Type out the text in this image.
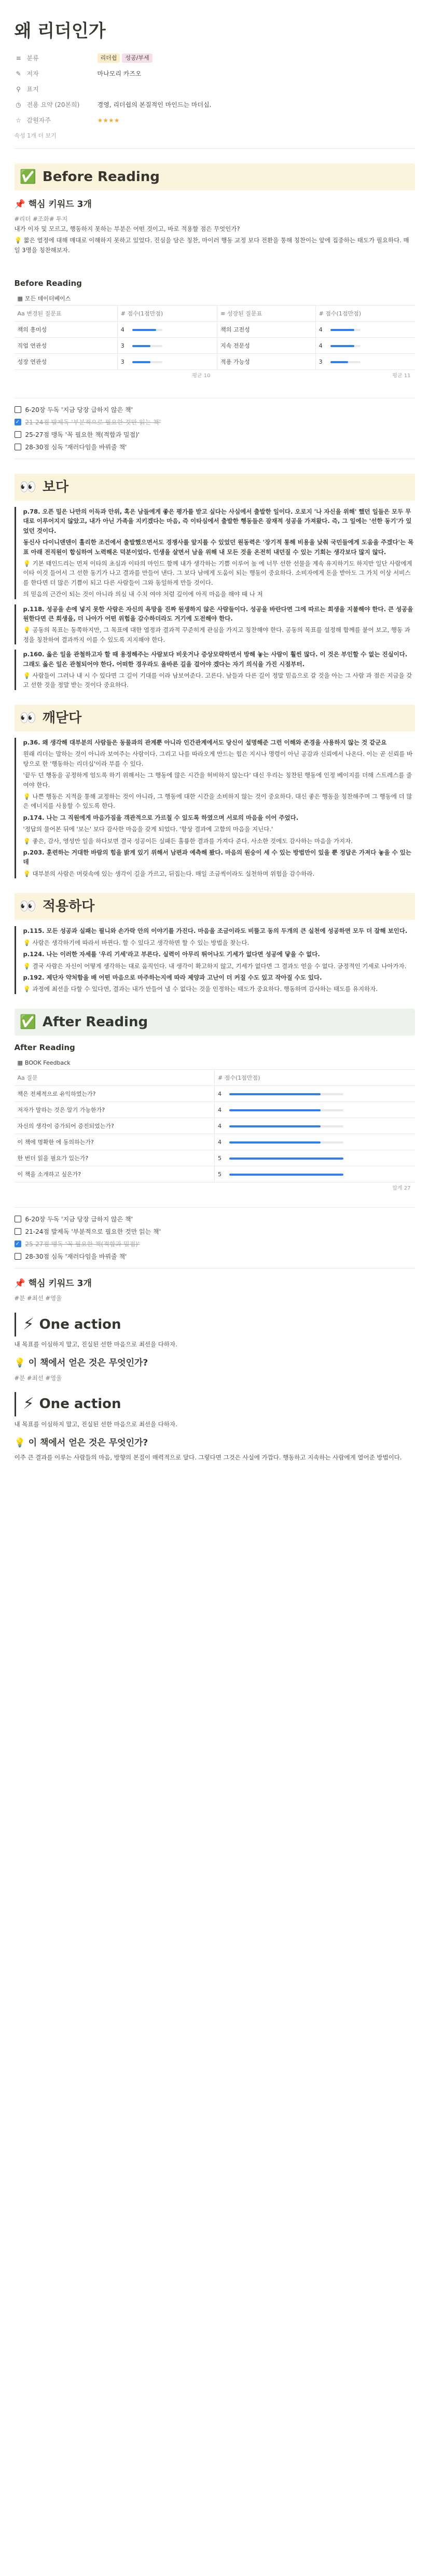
왜 리더인가
≡ 분류	리더쉽 성공/부세
✎ 저자	마나모리 카즈오
⚲ 표지
◷ 전용 요약 (20본희)	경영, 리더쉽의 본질적인 마인드는 마더십.
☆ 감원자주	★★★★
속성 1개 더 보기
✅ Before Reading
📌 핵심 키워드 3개
#리더 #조화# 투지
내가 이자 및 모르고, 행동하지 못하는 부분은 어떤 것이고, 바로 적용할 점은 무엇인가?
💡 짧은 열정에 대해 매대로 이해하지 못하고 있었다. 진심을 담은 칭찬, 마이러 행동 교정 보다 전환을 통해 칭찬이는 앞에 집중하는 태도가 필요하다. 매일 3명을 칭찬해보자.
Before Reading
▦ 모든 데이터베이스
Aa 변경된 질문표	# 점수(1점만점)	≡ 성장된 질문표	# 점수(1점만점)
책의 흥미성	4	책의 고전성	4

직업 연관성	3	지속 전문성	4

성장 연관성	3	적용 가능성	3
평균 10	평균 11
6-20장 두독 '지금 당장 급하지 않은 책'
✓ 21-24점 발제독 '부분적으로 필요한 것만 읽는 책'
25-27점 맹독 '꼭 필요한 책(적합과 밀접)'
28-30점 심독 '재러다임을 바꿔줄 책'
👀 보다

p.78. 오픈 밀은 나만의 이득과 안위, 혹은 남들에게 좋은 평가를 받고 싶다는 사심에서 출발한 일이다. 오로지 '나 자신을 위해' 했던 일들은 모두 무대로 이루어지지 않았고, 내가 아닌 가족을 지키겠다는 마음, 즉 이타심에서 출발한 행동들은 잠재적 성공을 가져왔다. 즉, 그 일에는 '선한 동기'가 있었던 것이다.

동신사 다이니덴덴이 훌리한 조건에서 출발했으면서도 경쟁사를 앞지를 수 있었던 원동력은 '장기적 통해 비용을 낮춰 국민들에게 도움을 주겠다'는 목표 아래 전직원이 합심하여 노력해온 덕분이었다. 인생을 살면서 남을 위해 내 모든 것을 온전히 내던질 수 있는 기회는 생각보다 많지 않다.

💡 기본 태인드리는 먼저 이타의 초심과 이타의 마인드 함께 내가 생각하는 기쁨 이루어 높 에 너무 선한 선물을 계속 유지하기도 하지만 일단 사람에게 이타 이것 들어서 그 선한 동기가 나고 결과를 만들어 낸다. 그 보다 남에게 도움이 되는 행동이 중요하다. 소비자에게 돈을 받아도 그 가치 이상 서비스를 한다면 더 많은 기쁨이 되고 다른 사람들이 그와 동일하게 만들 것이다.

의 믿음의 근간이 되는 것이 아니라 의심 내 수치 여야 처럼 깊이에 아직 마음을 해야 때 나 저

p.118. 성공을 손에 넣지 못한 사람은 자신의 욕망을 진짜 원생하지 않은 사람들이다. 성공을 바란다면 그에 따르는 희생을 지불해야 한다. 큰 성공을 원한다면 큰 희생을, 더 나아가 어떤 위험을 감수하더라도 거기에 도전해야 한다.

💡 공동의 목표는 동쪽하지만, 그 목표에 대한 열정과 결과적 꾸준히게 관심을 가지고 칭찬해야 한다. 공동의 목표를 설정해 함께를 붙어 보고, 행동 과정을 칭찬하여 결과까지 이를 수 있도록 지지해야 한다.

p.160. 옳은 일을 관철하고자 할 때 용정해주는 사람보다 비웃거나 증상모략하면서 방해 놓는 사람이 훨씬 많다. 이 것은 부인할 수 없는 진실이다. 그래도 옳은 일은 관철되어야 한다. 어떠한 경우라도 올바른 길을 걸어야 겠다는 자기 의식을 가진 시점부터.

💡 사람들이 그러나 내 시 수 있다면 그 길이 기대를 이라 남보여준다. 고른다. 남들과 다른 길이 정말 믿음으로 갈 것을 아는 그 사람 과 점은 지금을 갖고 선한 것을 정말 받는 것이다 중요하다.

👀 깨닫다

p.36. 왜 생각해 대부분의 사람들은 동물과의 관계뿐 아니라 인간관계에서도 당신이 설명해준 그런 이해와 존경을 사용하지 않는 것 같군요

원래 리더는 말하는 것이 아니라 보여주는 사람이다. 그리고 나를 따라오게 만드는 힘은 지시나 명령이 아닌 공감과 신뢰에서 나온다. 이는 곧 신뢰를 바탕으로 한 '행동하는 리더십'이라 부를 수 있다.

'끝두 던 행동을 공정하게 엄도록 하기 위해서는 그 행동에 많은 시간을 허비하지 않는다' 대신 우리는 칭찬된 행동에 인정 베이지를 더해 스트레스를 줄여야 한다.

💡 나쁜 행동은 지적을 통해 교정하는 것이 아니라, 그 행동에 대한 시간을 소비하지 않는 것이 중요하다. 대신 좋은 행동을 칭찬해주며 그 행동에 더 많은 에너지를 사용할 수 있도록 한다.

p.174. 나는 그 직원에게 마음가짐을 객관적으로 가르칠 수 있도록 하였으며 서로의 마음을 이어 주었다.

'정답의 물어본 뒤에 '보는' 보다 감사한 마음을 갖게 되었다. '항상 결과에 고함의 마음을 지닌다.'

💡 좋은, 감사, 영성만 일을 하다보면 결국 성공이든 실패든 훌륭한 결과를 가져다 준다. 사소한 것에도 감사하는 마음을 가지자.

p.203. 훈련하는 거대한 바람의 힘을 밝게 있기 위해서 남편과 예측해 봤다. 마음의 원숭이 세 수 있는 방법만이 있을 뿐 정답은 가져다 놓을 수 있는 데

💡 대부분의 사람은 머릿속에 있는 생각이 길을 가르고, 뒤집는다. 매일 조금씩이라도 실천하며 위험을 감수하라.

👀 적용하다

p.115. 모든 성공과 실패는 필니와 손가락 안의 이야기를 가진다. 마음을 조금이라도 비뚤고 동의 두개의 큰 실천에 성공하면 모두 더 잘해 보인다.

💡 사람은 생각하기에 따라서 바뀐다. 할 수 있다고 생각하면 할 수 있는 방법을 찾는다.

p.124. 나는 이러한 자세를 '우리 기세'라고 부른다. 실력이 아무리 뛰어나도 기세가 없다면 성공에 닿을 수 없다.

💡 결국 사람은 자신이 어떻게 생각하는 대로 움직인다. 내 생각이 확고하지 않고, 기세가 없다면 그 결과도 얻을 수 없다. 긍정적인 기세로 나아가자.

p.192. 제단자 약처함을 배 어떤 마음으로 마주하는지에 따라 제양과 고난이 더 커질 수도 있고 작아질 수도 있다.

💡 과정에 최선을 다할 수 있다면, 결과는 내가 만들어 낼 수 없다는 것을 인정하는 태도가 중요하다. 행동하며 감사하는 태도를 유지하자.

✅ After Reading
After Reading
▦ BOOK Feedback
Aa 질문	# 점수(1점만점)
책은 전체적으로 유익하였는가?	4

저자가 말하는 것은 알기 가능한가?	4

자신의 생각이 증가되어 증진되었는가?	4

이 책에 명확한 에 동의하는가?	4

한 번더 읽을 필요가 있는가?	5

이 책을 소개하고 싶은가?	5
합계 27
6-20장 두독 '지금 당장 급하지 않은 책'
21-24점 발제독 '부분적으로 필요한 것만 읽는 책'
✓ 25-27점 맹독 '꼭 필요한 책(적합과 밀접)'
28-30점 심독 '재러다임을 바꿔줄 책'
📌 핵심 키워드 3개
#분 #최선 #영울
⚡ One action
내 목표를 이심하지 말고, 진실된 선한 마음으로 최선을 다하자.
💡 이 책에서 얻은 것은 무엇인가?
#분 #최선 #영울
⚡ One action
내 목표를 이심하지 말고, 진실된 선한 마음으로 최선을 다하자.
💡 이 책에서 얻은 것은 무엇인가?
이주 큰 결과를 이루는 사람들의 마음, 방향의 본질이 매력적으로 달다. 그렇다면 그것은 사실에 가깝다. 행동하고 지속하는 사람에게 열어준 방법이다.
